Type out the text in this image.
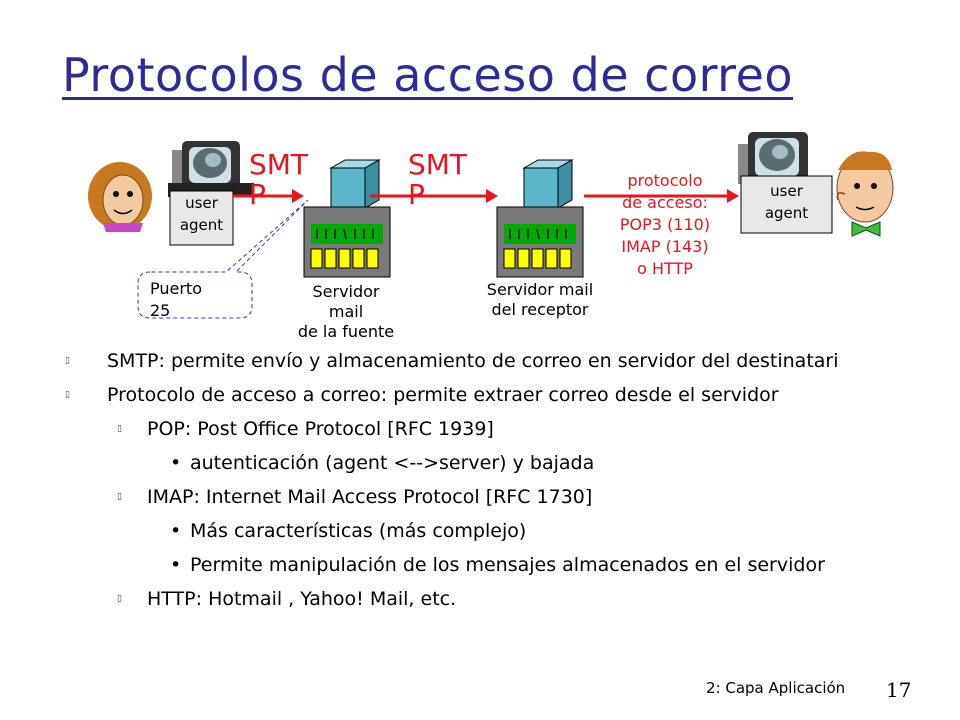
Protocolos de acceso de correo
SMT
P
SMT
P	protocolo
de acceso:
POP3 (110)
IMAP (143)
o HTTP
user
agent
user
agent
Servidor
mail
de la fuente
Servidor mail
del receptor
Puerto
25
▯ SMTP: permite envío y almacenamiento de correo en servidor del destinatari
▯ Protocolo de acceso a correo: permite extraer correo desde el servidor
▯ POP: Post Office Protocol [RFC 1939]
• autenticación (agent <-->server) y bajada
▯ IMAP: Internet Mail Access Protocol [RFC 1730]
• Más características (más complejo)
• Permite manipulación de los mensajes almacenados en el servidor
▯ HTTP: Hotmail , Yahoo! Mail, etc.
2: Capa Aplicación 17
